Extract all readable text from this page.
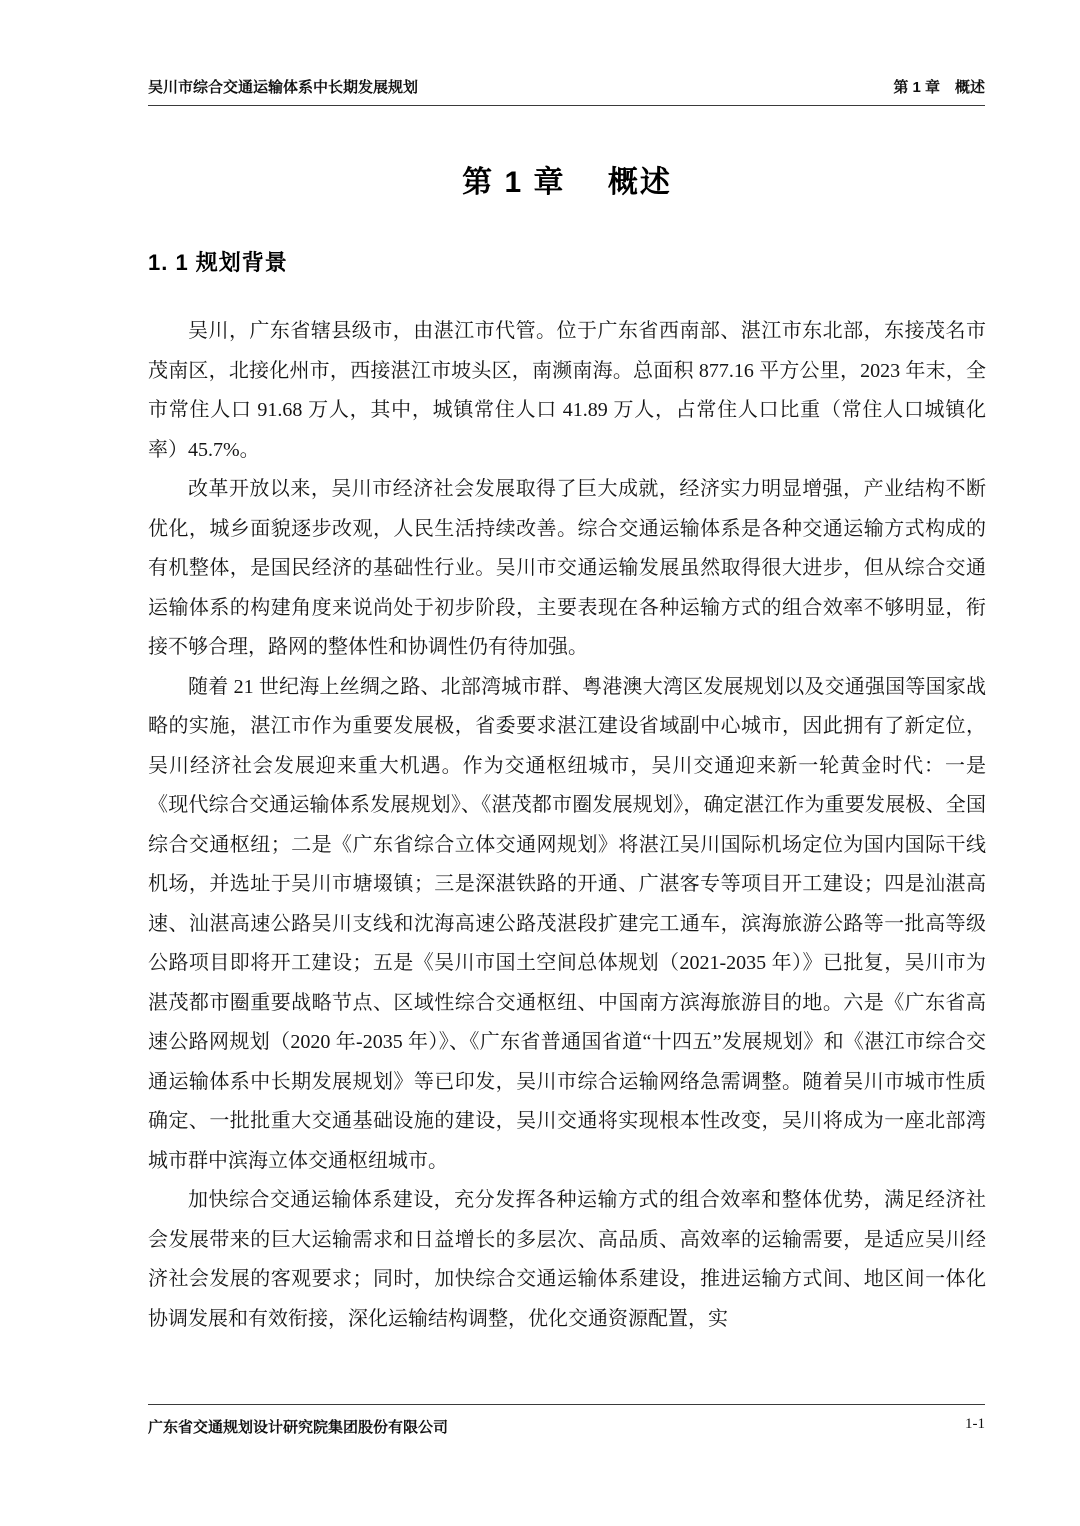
吴川市综合交通运输体系中长期发展规划	第 1 章　概述
第 1 章　 概述
1. 1 规划背景

吴川，广东省辖县级市，由湛江市代管。位于广东省西南部、湛江市东北部，东接茂名市茂南区，北接化州市，西接湛江市坡头区，南濒南海。总面积 877.16 平方公里，2023 年末，全市常住人口 91.68 万人，其中，城镇常住人口 41.89 万人，占常住人口比重（常住人口城镇化率）45.7%。

改革开放以来，吴川市经济社会发展取得了巨大成就，经济实力明显增强，产业结构不断优化，城乡面貌逐步改观，人民生活持续改善。综合交通运输体系是各种交通运输方式构成的有机整体，是国民经济的基础性行业。吴川市交通运输发展虽然取得很大进步，但从综合交通运输体系的构建角度来说尚处于初步阶段，主要表现在各种运输方式的组合效率不够明显，衔接不够合理，路网的整体性和协调性仍有待加强。

随着 21 世纪海上丝绸之路、北部湾城市群、粤港澳大湾区发展规划以及交通强国等国家战略的实施，湛江市作为重要发展极，省委要求湛江建设省域副中心城市，因此拥有了新定位，吴川经济社会发展迎来重大机遇。作为交通枢纽城市，吴川交通迎来新一轮黄金时代：一是《现代综合交通运输体系发展规划》、《湛茂都市圈发展规划》，确定湛江作为重要发展极、全国综合交通枢纽；二是《广东省综合立体交通网规划》将湛江吴川国际机场定位为国内国际干线机场，并选址于吴川市塘㙍镇；三是深湛铁路的开通、广湛客专等项目开工建设；四是汕湛高速、汕湛高速公路吴川支线和沈海高速公路茂湛段扩建完工通车，滨海旅游公路等一批高等级公路项目即将开工建设；五是《吴川市国土空间总体规划（2021-2035 年）》已批复，吴川市为湛茂都市圈重要战略节点、区域性综合交通枢纽、中国南方滨海旅游目的地。六是《广东省高速公路网规划（2020 年-2035 年）》、《广东省普通国省道“十四五”发展规划》和《湛江市综合交通运输体系中长期发展规划》等已印发，吴川市综合运输网络急需调整。随着吴川市城市性质确定、一批批重大交通基础设施的建设，吴川交通将实现根本性改变，吴川将成为一座北部湾城市群中滨海立体交通枢纽城市。

加快综合交通运输体系建设，充分发挥各种运输方式的组合效率和整体优势，满足经济社会发展带来的巨大运输需求和日益增长的多层次、高品质、高效率的运输需要，是适应吴川经济社会发展的客观要求；同时，加快综合交通运输体系建设，推进运输方式间、地区间一体化协调发展和有效衔接，深化运输结构调整，优化交通资源配置，实

广东省交通规划设计研究院集团股份有限公司	1-1
